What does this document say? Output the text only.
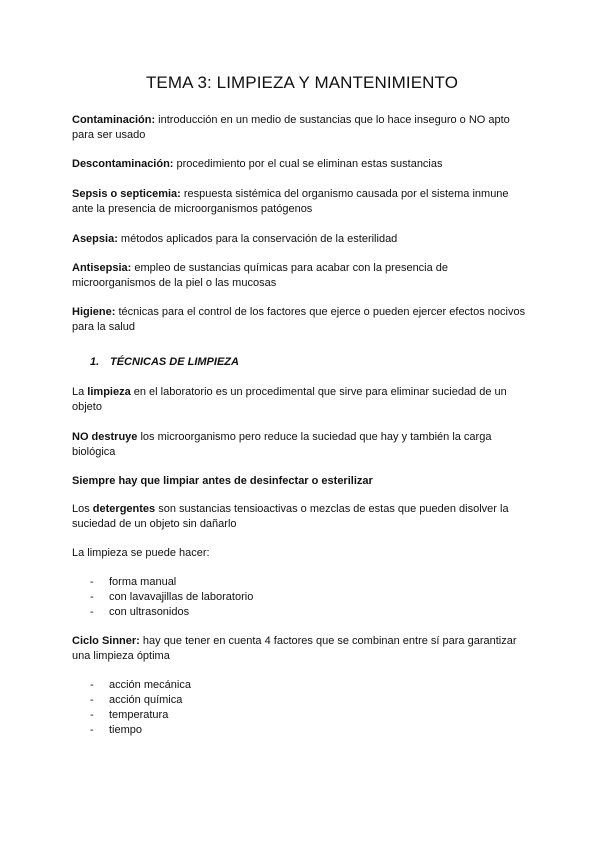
TEMA 3: LIMPIEZA Y MANTENIMIENTO
Contaminación: introducción en un medio de sustancias que lo hace inseguro o NO apto para ser usado
Descontaminación: procedimiento por el cual se eliminan estas sustancias
Sepsis o septicemia: respuesta sistémica del organismo causada por el sistema inmune ante la presencia de microorganismos patógenos
Asepsia: métodos aplicados para la conservación de la esterilidad
Antisepsia: empleo de sustancias químicas para acabar con la presencia de microorganismos de la piel o las mucosas
Higiene: técnicas para el control de los factores que ejerce o pueden ejercer efectos nocivos para la salud
1. TÉCNICAS DE LIMPIEZA
La limpieza en el laboratorio es un procedimental que sirve para eliminar suciedad de un objeto
NO destruye los microorganismo pero reduce la suciedad que hay y también la carga biológica
Siempre hay que limpiar antes de desinfectar o esterilizar
Los detergentes son sustancias tensioactivas o mezclas de estas que pueden disolver la suciedad de un objeto sin dañarlo
La limpieza se puede hacer:
- forma manual
- con lavavajillas de laboratorio
- con ultrasonidos
Ciclo Sinner: hay que tener en cuenta 4 factores que se combinan entre sí para garantizar una limpieza óptima
- acción mecánica
- acción química
- temperatura
- tiempo
